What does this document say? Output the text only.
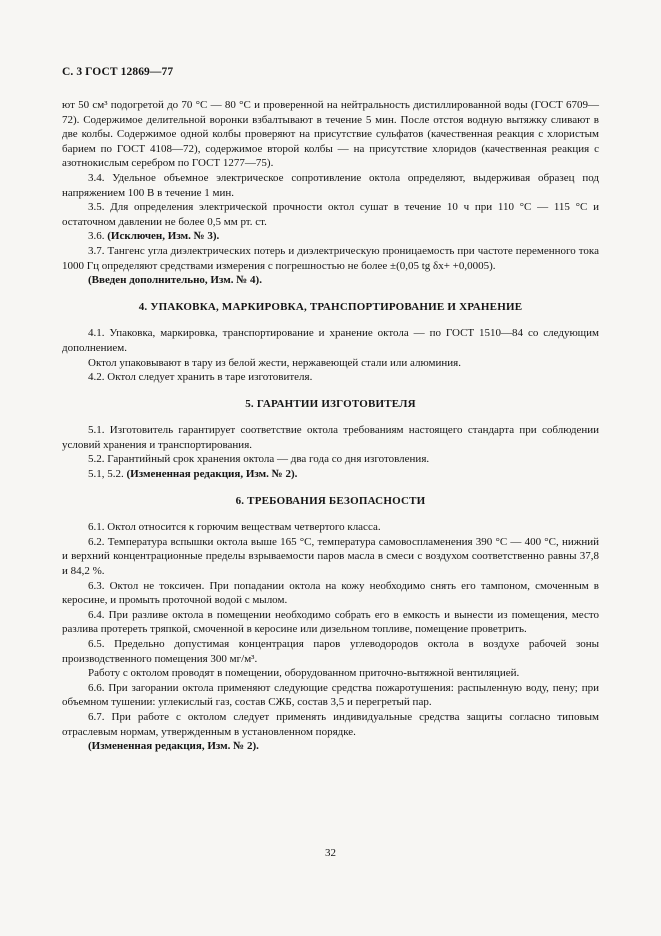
С. 3 ГОСТ 12869—77

ют 50 см³ подогретой до 70 °С — 80 °С и проверенной на нейтральность дистиллированной воды (ГОСТ 6709—72). Содержимое делительной воронки взбалтывают в течение 5 мин. После отстоя водную вытяжку сливают в две колбы. Содержимое одной колбы проверяют на присутствие сульфатов (качественная реакция с хлористым барием по ГОСТ 4108—72), содержимое второй колбы — на присутствие хлоридов (качественная реакция с азотнокислым серебром по ГОСТ 1277—75).

3.4. Удельное объемное электрическое сопротивление октола определяют, выдерживая образец под напряжением 100 В в течение 1 мин.

3.5. Для определения электрической прочности октол сушат в течение 10 ч при 110 °С — 115 °С и остаточном давлении не более 0,5 мм рт. ст.

3.6. (Исключен, Изм. № 3).

3.7. Тангенс угла диэлектрических потерь и диэлектрическую проницаемость при частоте переменного тока 1000 Гц определяют средствами измерения с погрешностью не более ±(0,05 tg δx+ +0,0005).

(Введен дополнительно, Изм. № 4).

4. УПАКОВКА, МАРКИРОВКА, ТРАНСПОРТИРОВАНИЕ И ХРАНЕНИЕ

4.1. Упаковка, маркировка, транспортирование и хранение октола — по ГОСТ 1510—84 со следующим дополнением.

Октол упаковывают в тару из белой жести, нержавеющей стали или алюминия.

4.2. Октол следует хранить в таре изготовителя.

5. ГАРАНТИИ ИЗГОТОВИТЕЛЯ

5.1. Изготовитель гарантирует соответствие октола требованиям настоящего стандарта при соблюдении условий хранения и транспортирования.

5.2. Гарантийный срок хранения октола — два года со дня изготовления.

5.1, 5.2. (Измененная редакция, Изм. № 2).

6. ТРЕБОВАНИЯ БЕЗОПАСНОСТИ

6.1. Октол относится к горючим веществам четвертого класса.

6.2. Температура вспышки октола выше 165 °С, температура самовоспламенения 390 °С — 400 °С, нижний и верхний концентрационные пределы взрываемости паров масла в смеси с воздухом соответственно равны 37,8 и 84,2 %.

6.3. Октол не токсичен. При попадании октола на кожу необходимо снять его тампоном, смоченным в керосине, и промыть проточной водой с мылом.

6.4. При разливе октола в помещении необходимо собрать его в емкость и вынести из помещения, место разлива протереть тряпкой, смоченной в керосине или дизельном топливе, помещение проветрить.

6.5. Предельно допустимая концентрация паров углеводородов октола в воздухе рабочей зоны производственного помещения 300 мг/м³.

Работу с октолом проводят в помещении, оборудованном приточно-вытяжной вентиляцией.

6.6. При загорании октола применяют следующие средства пожаротушения: распыленную воду, пену; при объемном тушении: углекислый газ, состав СЖБ, состав 3,5 и перегретый пар.

6.7. При работе с октолом следует применять индивидуальные средства защиты согласно типовым отраслевым нормам, утвержденным в установленном порядке.

(Измененная редакция, Изм. № 2).

32
